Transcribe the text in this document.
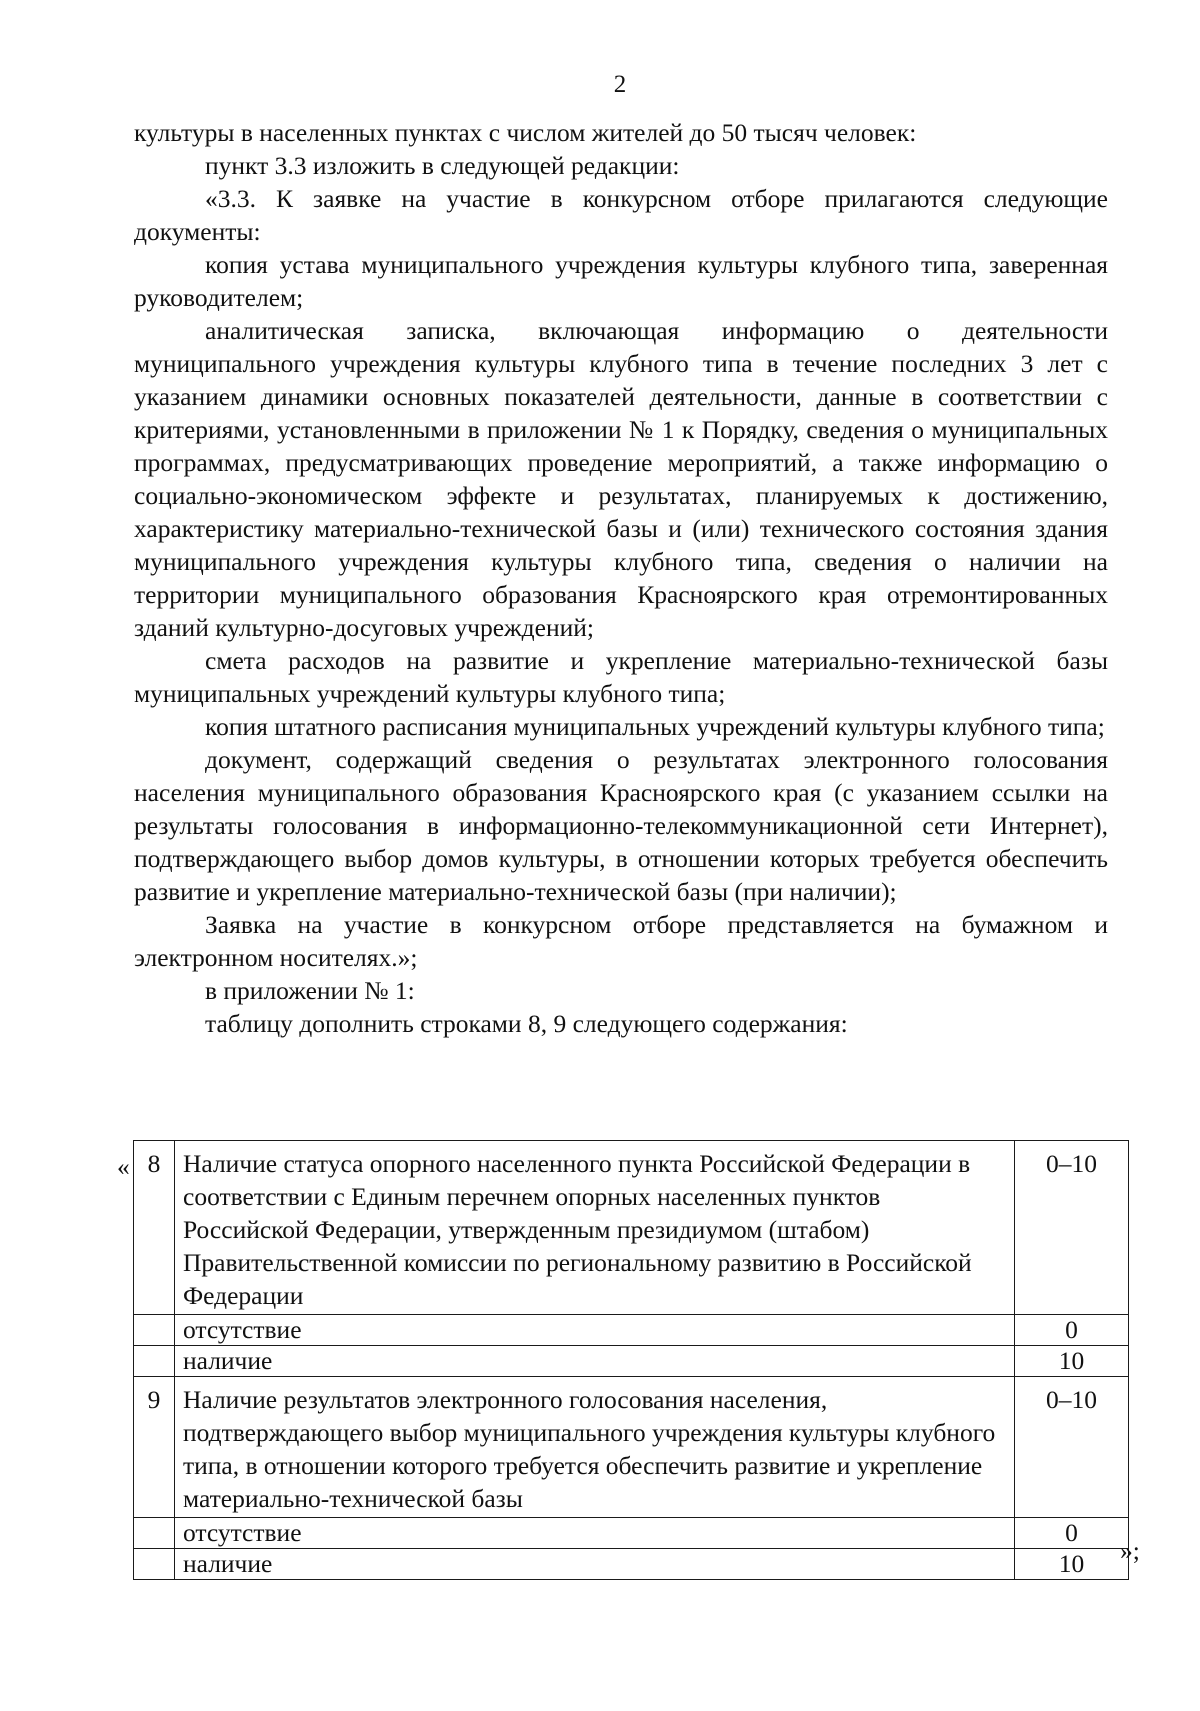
2

культуры в населенных пунктах с числом жителей до 50 тысяч человек:

пункт 3.3 изложить в следующей редакции:

«3.3. К заявке на участие в конкурсном отборе прилагаются следующие документы:

копия устава муниципального учреждения культуры клубного типа, заверенная руководителем;

аналитическая записка, включающая информацию о деятельности муниципального учреждения культуры клубного типа в течение последних 3 лет с указанием динамики основных показателей деятельности, данные в соответствии с критериями, установленными в приложении № 1 к Порядку, сведения о муниципальных программах, предусматривающих проведение мероприятий, а также информацию о социально-экономическом эффекте и результатах, планируемых к достижению, характеристику материально-технической базы и (или) технического состояния здания муниципального учреждения культуры клубного типа, сведения о наличии на территории муниципального образования Красноярского края отремонтированных зданий культурно-досуговых учреждений;

смета расходов на развитие и укрепление материально-технической базы муниципальных учреждений культуры клубного типа;

копия штатного расписания муниципальных учреждений культуры клубного типа;

документ, содержащий сведения о результатах электронного голосования населения муниципального образования Красноярского края (с указанием ссылки на результаты голосования в информационно-телекоммуникационной сети Интернет), подтверждающего выбор домов культуры, в отношении которых требуется обеспечить развитие и укрепление материально-технической базы (при наличии);

Заявка на участие в конкурсном отборе представляется на бумажном и электронном носителях.»;

в приложении № 1:

таблицу дополнить строками 8, 9 следующего содержания:

« 8	Наличие статуса опорного населенного пункта Российской Федерации в соответствии с Единым перечнем опорных населенных пунктов Российской Федерации, утвержденным президиумом (штабом) Правительственной комиссии по региональному развитию в Российской Федерации	0–10
	отсутствие	0
	наличие	10
9	Наличие результатов электронного голосования населения, подтверждающего выбор муниципального учреждения культуры клубного типа, в отношении которого требуется обеспечить развитие и укрепление материально-технической базы	0–10
	отсутствие	0
	наличие	10 »;
